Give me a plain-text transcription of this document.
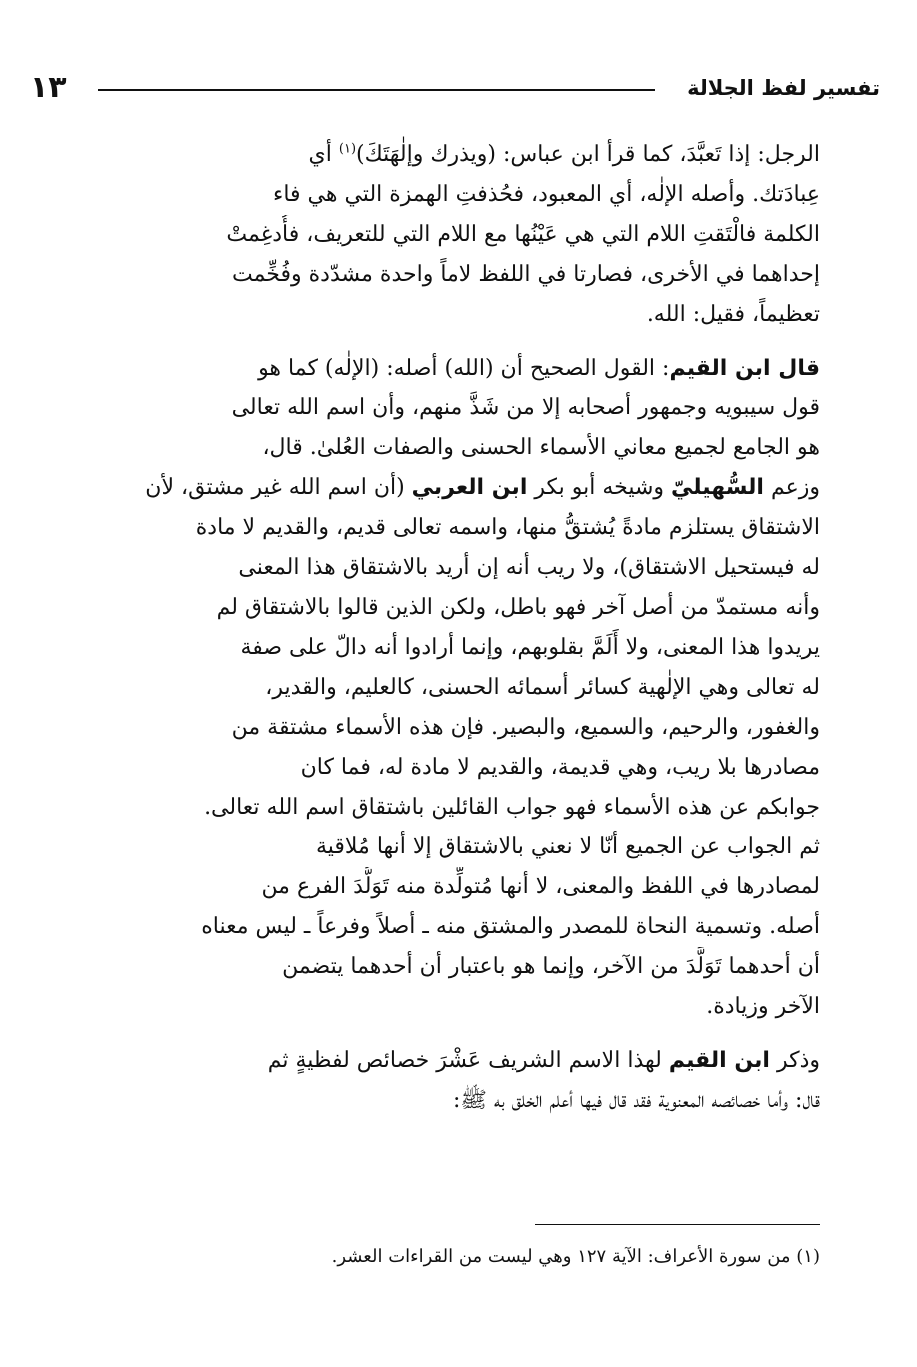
١٣	تفسير لفظ الجلالة
الرجل: إذا تَعبَّدَ، كما قرأ ابن عباس: (ويذرك وإلٰهَتَكَ)$^{(١)}$ أي
عِبادَتك. وأصله الإلٰه، أي المعبود، فحُذفتِ الهمزة التي هي فاء
الكلمة فالْتَقتِ اللام التي هي عَيْنُها مع اللام التي للتعريف، فأُدغِمتْ
إحداهما في الأخرى، فصارتا في اللفظ لاماً واحدة مشدّدة وفُخِّمت
تعظيماً، فقيل: الله.
قال ابن القيم: القول الصحيح أن (الله) أصله: (الإلٰه) كما هو
قول سيبويه وجمهور أصحابه إلا من شَذَّ منهم، وأن اسم الله تعالى
هو الجامع لجميع معاني الأسماء الحسنى والصفات العُلىٰ. قال،
وزعم السُّهيليّ وشيخه أبو بكر ابن العربي (أن اسم الله غير مشتق، لأن
الاشتقاق يستلزم مادةً يُشتقُّ منها، واسمه تعالى قديم، والقديم لا مادة
له فيستحيل الاشتقاق)، ولا ريب أنه إن أريد بالاشتقاق هذا المعنى
وأنه مستمدّ من أصل آخر فهو باطل، ولكن الذين قالوا بالاشتقاق لم
يريدوا هذا المعنى، ولا أَلَمَّ بقلوبهم، وإنما أرادوا أنه دالّ على صفة
له تعالى وهي الإلٰهية كسائر أسمائه الحسنى، كالعليم، والقدير،
والغفور، والرحيم، والسميع، والبصير. فإن هذه الأسماء مشتقة من
مصادرها بلا ريب، وهي قديمة، والقديم لا مادة له، فما كان
جوابكم عن هذه الأسماء فهو جواب القائلين باشتقاق اسم الله تعالى.
ثم الجواب عن الجميع أنّا لا نعني بالاشتقاق إلا أنها مُلاقية
لمصادرها في اللفظ والمعنى، لا أنها مُتولِّدة منه تَوَلُّدَ الفرع من
أصله. وتسمية النحاة للمصدر والمشتق منه ـ أصلاً وفرعاً ـ ليس معناه
أن أحدهما تَوَلَّدَ من الآخر، وإنما هو باعتبار أن أحدهما يتضمن
الآخر وزيادة.
وذكر ابن القيم لهذا الاسم الشريف عَشْرَ خصائص لفظيةٍ ثم
قال: وأما خصائصه المعنوية فقد قال فيها أعلم الخلق به ﷺ:
(١) من سورة الأعراف: الآية ١٢٧ وهي ليست من القراءات العشر.
